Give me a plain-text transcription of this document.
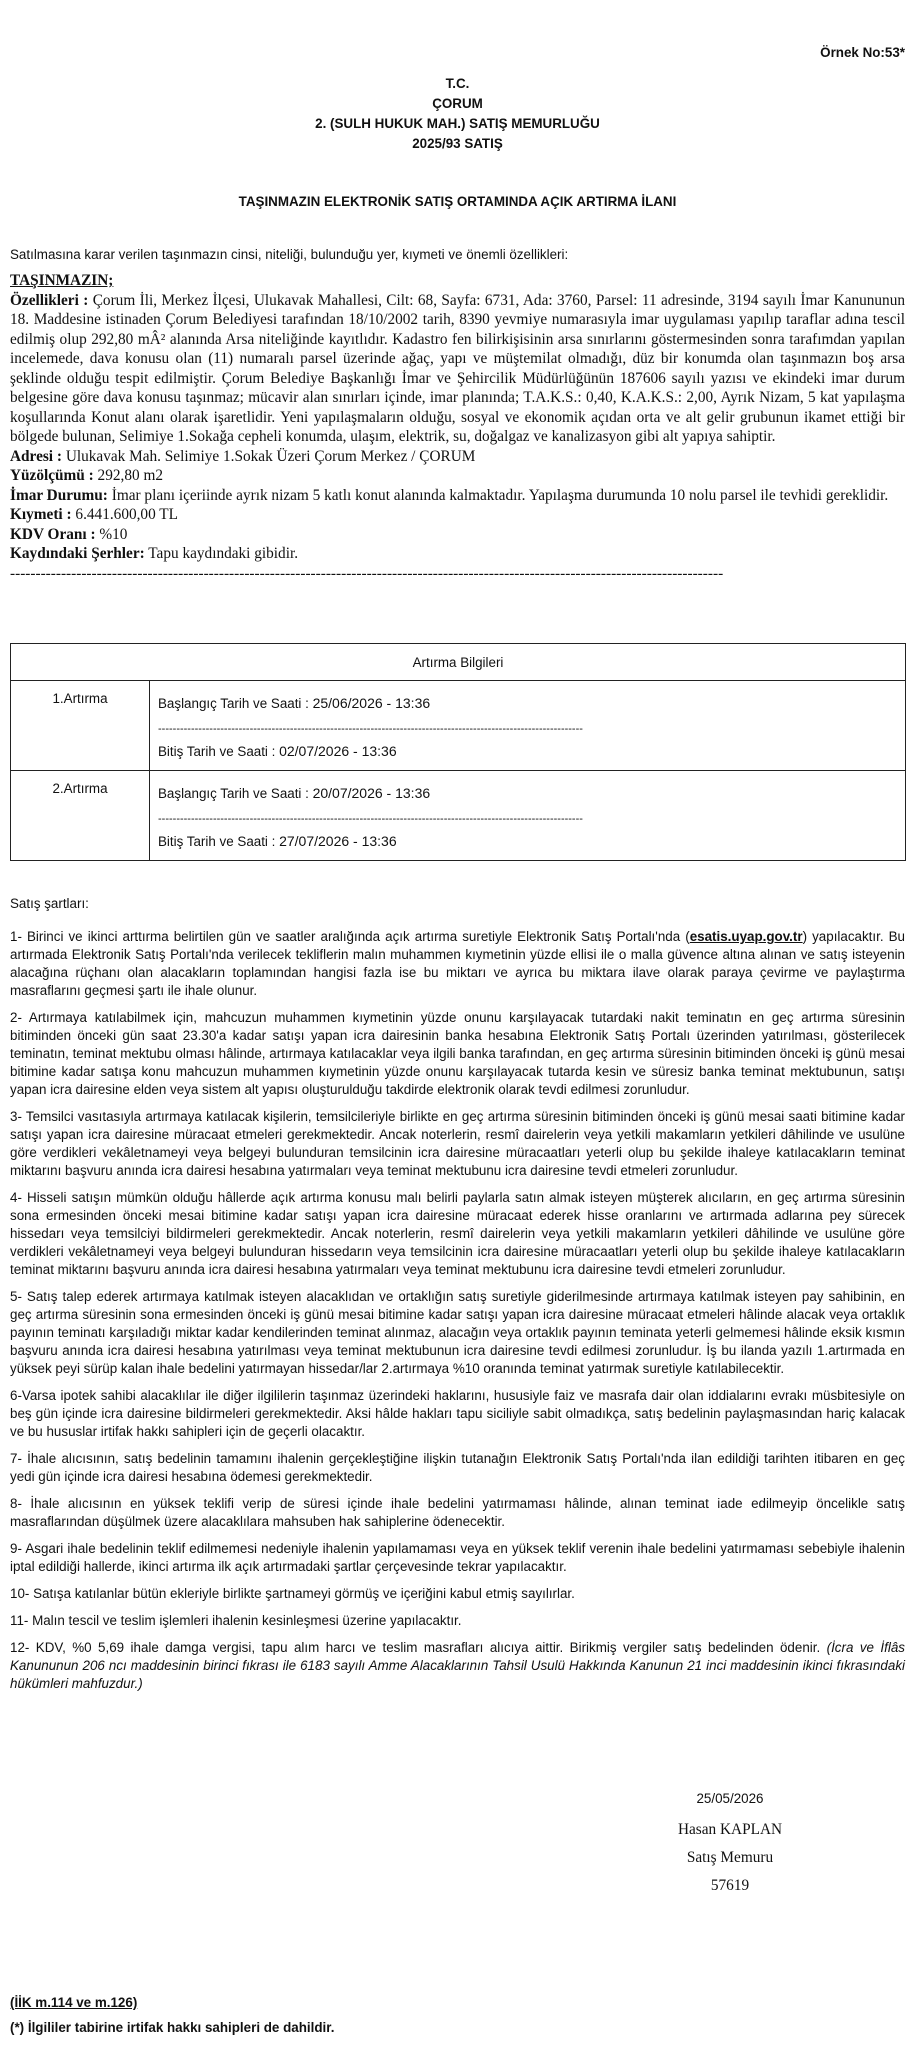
Örnek No:53*
T.C.
ÇORUM
2. (SULH HUKUK MAH.) SATIŞ MEMURLUĞU
2025/93 SATIŞ
TAŞINMAZIN ELEKTRONİK SATIŞ ORTAMINDA AÇIK ARTIRMA İLANI
Satılmasına karar verilen taşınmazın cinsi, niteliği, bulunduğu yer, kıymeti ve önemli özellikleri:

TAŞINMAZIN;

Özellikleri : Çorum İli, Merkez İlçesi, Ulukavak Mahallesi, Cilt: 68, Sayfa: 6731, Ada: 3760, Parsel: 11 adresinde, 3194 sayılı İmar Kanununun 18. Maddesine istinaden Çorum Belediyesi tarafından 18/10/2002 tarih, 8390 yevmiye numarasıyla imar uygulaması yapılıp taraflar adına tescil edilmiş olup 292,80 mÂ² alanında Arsa niteliğinde kayıtlıdır. Kadastro fen bilirkişisinin arsa sınırlarını göstermesinden sonra tarafımdan yapılan incelemede, dava konusu olan (11) numaralı parsel üzerinde ağaç, yapı ve müştemilat olmadığı, düz bir konumda olan taşınmazın boş arsa şeklinde olduğu tespit edilmiştir. Çorum Belediye Başkanlığı İmar ve Şehircilik Müdürlüğünün 187606 sayılı yazısı ve ekindeki imar durum belgesine göre dava konusu taşınmaz; mücavir alan sınırları içinde, imar planında; T.A.K.S.: 0,40, K.A.K.S.: 2,00, Ayrık Nizam, 5 kat yapılaşma koşullarında Konut alanı olarak işaretlidir. Yeni yapılaşmaların olduğu, sosyal ve ekonomik açıdan orta ve alt gelir grubunun ikamet ettiği bir bölgede bulunan, Selimiye 1.Sokağa cepheli konumda, ulaşım, elektrik, su, doğalgaz ve kanalizasyon gibi alt yapıya sahiptir.

Adresi : Ulukavak Mah. Selimiye 1.Sokak Üzeri Çorum Merkez / ÇORUM

Yüzölçümü : 292,80 m2

İmar Durumu: İmar planı içeriinde ayrık nizam 5 katlı konut alanında kalmaktadır. Yapılaşma durumunda 10 nolu parsel ile tevhidi gereklidir.

Kıymeti : 6.441.600,00 TL

KDV Oranı : %10

Kaydındaki Şerhler: Tapu kaydındaki gibidir.

--------------------------------------------------------------------------------------------------------------------------------------------

Artırma Bilgileri	
1.Artırma	Başlangıç Tarih ve Saati : 25/06/2026 - 13:36
--------------------------------------------------------------------------------------------------------------------
Bitiş Tarih ve Saati : 02/07/2026 - 13:36

2.Artırma	Başlangıç Tarih ve Saati : 20/07/2026 - 13:36
--------------------------------------------------------------------------------------------------------------------
Bitiş Tarih ve Saati : 27/07/2026 - 13:36

Satış şartları:

1- Birinci ve ikinci arttırma belirtilen gün ve saatler aralığında açık artırma suretiyle Elektronik Satış Portalı'nda (esatis.uyap.gov.tr) yapılacaktır. Bu artırmada Elektronik Satış Portalı'nda verilecek tekliflerin malın muhammen kıymetinin yüzde ellisi ile o malla güvence altına alınan ve satış isteyenin alacağına rüçhanı olan alacakların toplamından hangisi fazla ise bu miktarı ve ayrıca bu miktara ilave olarak paraya çevirme ve paylaştırma masraflarını geçmesi şartı ile ihale olunur.

2- Artırmaya katılabilmek için, mahcuzun muhammen kıymetinin yüzde onunu karşılayacak tutardaki nakit teminatın en geç artırma süresinin bitiminden önceki gün saat 23.30'a kadar satışı yapan icra dairesinin banka hesabına Elektronik Satış Portalı üzerinden yatırılması, gösterilecek teminatın, teminat mektubu olması hâlinde, artırmaya katılacaklar veya ilgili banka tarafından, en geç artırma süresinin bitiminden önceki iş günü mesai bitimine kadar satışa konu mahcuzun muhammen kıymetinin yüzde onunu karşılayacak tutarda kesin ve süresiz banka teminat mektubunun, satışı yapan icra dairesine elden veya sistem alt yapısı oluşturulduğu takdirde elektronik olarak tevdi edilmesi zorunludur.

3- Temsilci vasıtasıyla artırmaya katılacak kişilerin, temsilcileriyle birlikte en geç artırma süresinin bitiminden önceki iş günü mesai saati bitimine kadar satışı yapan icra dairesine müracaat etmeleri gerekmektedir. Ancak noterlerin, resmî dairelerin veya yetkili makamların yetkileri dâhilinde ve usulüne göre verdikleri vekâletnameyi veya belgeyi bulunduran temsilcinin icra dairesine müracaatları yeterli olup bu şekilde ihaleye katılacakların teminat miktarını başvuru anında icra dairesi hesabına yatırmaları veya teminat mektubunu icra dairesine tevdi etmeleri zorunludur.

4- Hisseli satışın mümkün olduğu hâllerde açık artırma konusu malı belirli paylarla satın almak isteyen müşterek alıcıların, en geç artırma süresinin sona ermesinden önceki mesai bitimine kadar satışı yapan icra dairesine müracaat ederek hisse oranlarını ve artırmada adlarına pey sürecek hissedarı veya temsilciyi bildirmeleri gerekmektedir. Ancak noterlerin, resmî dairelerin veya yetkili makamların yetkileri dâhilinde ve usulüne göre verdikleri vekâletnameyi veya belgeyi bulunduran hissedarın veya temsilcinin icra dairesine müracaatları yeterli olup bu şekilde ihaleye katılacakların teminat miktarını başvuru anında icra dairesi hesabına yatırmaları veya teminat mektubunu icra dairesine tevdi etmeleri zorunludur.

5- Satış talep ederek artırmaya katılmak isteyen alacaklıdan ve ortaklığın satış suretiyle giderilmesinde artırmaya katılmak isteyen pay sahibinin, en geç artırma süresinin sona ermesinden önceki iş günü mesai bitimine kadar satışı yapan icra dairesine müracaat etmeleri hâlinde alacak veya ortaklık payının teminatı karşıladığı miktar kadar kendilerinden teminat alınmaz, alacağın veya ortaklık payının teminata yeterli gelmemesi hâlinde eksik kısmın başvuru anında icra dairesi hesabına yatırılması veya teminat mektubunun icra dairesine tevdi edilmesi zorunludur. İş bu ilanda yazılı 1.artırmada en yüksek peyi sürüp kalan ihale bedelini yatırmayan hissedar/lar 2.artırmaya %10 oranında teminat yatırmak suretiyle katılabilecektir.

6-Varsa ipotek sahibi alacaklılar ile diğer ilgililerin taşınmaz üzerindeki haklarını, hususiyle faiz ve masrafa dair olan iddialarını evrakı müsbitesiyle on beş gün içinde icra dairesine bildirmeleri gerekmektedir. Aksi hâlde hakları tapu siciliyle sabit olmadıkça, satış bedelinin paylaşmasından hariç kalacak ve bu hususlar irtifak hakkı sahipleri için de geçerli olacaktır.

7- İhale alıcısının, satış bedelinin tamamını ihalenin gerçekleştiğine ilişkin tutanağın Elektronik Satış Portalı'nda ilan edildiği tarihten itibaren en geç yedi gün içinde icra dairesi hesabına ödemesi gerekmektedir.

8- İhale alıcısının en yüksek teklifi verip de süresi içinde ihale bedelini yatırmaması hâlinde, alınan teminat iade edilmeyip öncelikle satış masraflarından düşülmek üzere alacaklılara mahsuben hak sahiplerine ödenecektir.

9- Asgari ihale bedelinin teklif edilmemesi nedeniyle ihalenin yapılamaması veya en yüksek teklif verenin ihale bedelini yatırmaması sebebiyle ihalenin iptal edildiği hallerde, ikinci artırma ilk açık artırmadaki şartlar çerçevesinde tekrar yapılacaktır.

10- Satışa katılanlar bütün ekleriyle birlikte şartnameyi görmüş ve içeriğini kabul etmiş sayılırlar.

11- Malın tescil ve teslim işlemleri ihalenin kesinleşmesi üzerine yapılacaktır.

12- KDV, %0 5,69 ihale damga vergisi, tapu alım harcı ve teslim masrafları alıcıya aittir. Birikmiş vergiler satış bedelinden ödenir. (İcra ve İflâs Kanununun 206 ncı maddesinin birinci fıkrası ile 6183 sayılı Amme Alacaklarının Tahsil Usulü Hakkında Kanunun 21 inci maddesinin ikinci fıkrasındaki hükümleri mahfuzdur.)

25/05/2026
Hasan KAPLAN
Satış Memuru
57619
(İİK m.114 ve m.126)
(*) İlgililer tabirine irtifak hakkı sahipleri de dahildir.
